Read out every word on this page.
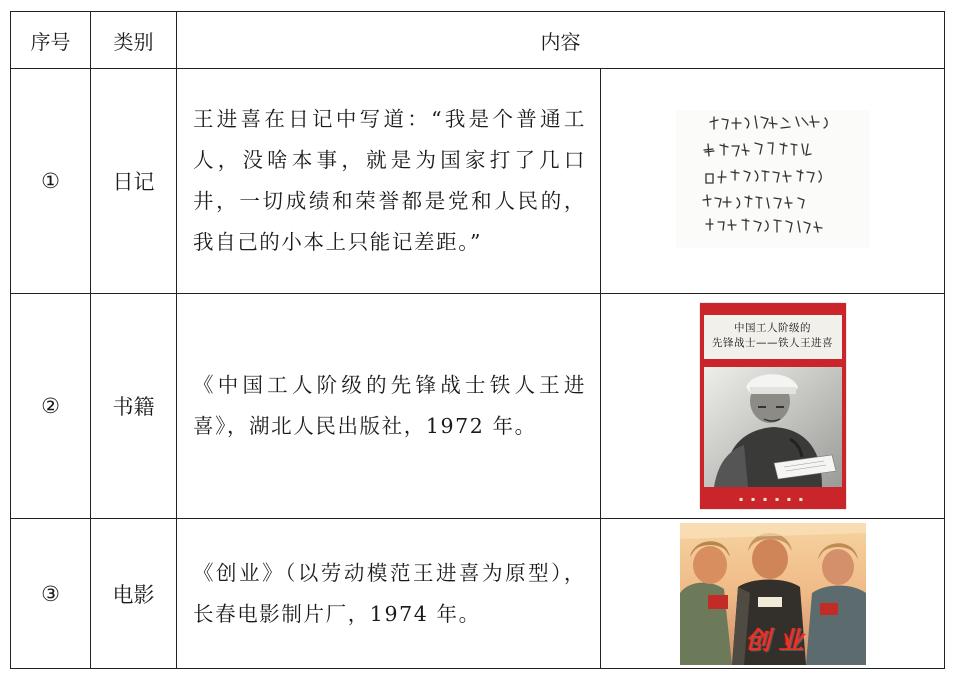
序号	类别	内容	
①	日记	王进喜在日记中写道：“我是个普通工人，没啥本事，就是为国家打了几口井，一切成绩和荣誉都是党和人民的，我自己的小本上只能记差距。”	

②	书籍	《中国工人阶级的先锋战士铁人王进喜》，湖北人民出版社，1972 年。	中国工人阶级的
先锋战士——铁人王进喜
▪ ▪ ▪ ▪ ▪ ▪

③	电影	《创业》（以劳动模范王进喜为原型），长春电影制片厂，1974 年。	创业
